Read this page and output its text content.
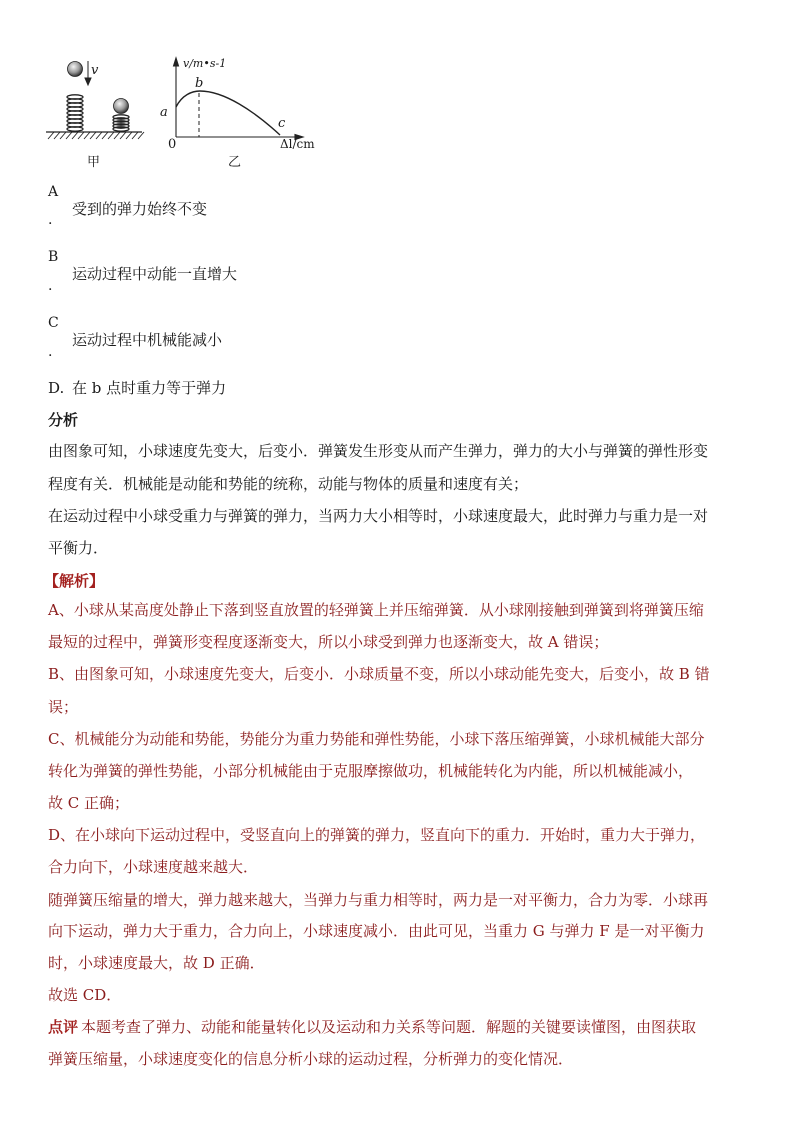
v	v/m•s-1
b
a
c
0	Δl/cm
甲	乙
A
受到的弹力始终不变
.
B
运动过程中动能一直增大
.
C
运动过程中机械能减小
.
D. 在 b 点时重力等于弹力
分析
由图象可知，小球速度先变大，后变小．弹簧发生形变从而产生弹力，弹力的大小与弹簧的弹性形变
程度有关．机械能是动能和势能的统称，动能与物体的质量和速度有关；
在运动过程中小球受重力与弹簧的弹力，当两力大小相等时，小球速度最大，此时弹力与重力是一对
平衡力．
【解析】
A、小球从某高度处静止下落到竖直放置的轻弹簧上并压缩弹簧．从小球刚接触到弹簧到将弹簧压缩
最短的过程中，弹簧形变程度逐渐变大，所以小球受到弹力也逐渐变大，故 A 错误；
B、由图象可知，小球速度先变大，后变小．小球质量不变，所以小球动能先变大，后变小，故 B 错
误；
C、机械能分为动能和势能，势能分为重力势能和弹性势能，小球下落压缩弹簧，小球机械能大部分
转化为弹簧的弹性势能，小部分机械能由于克服摩擦做功，机械能转化为内能，所以机械能减小，
故 C 正确；
D、在小球向下运动过程中，受竖直向上的弹簧的弹力，竖直向下的重力．开始时，重力大于弹力，
合力向下，小球速度越来越大．
随弹簧压缩量的增大，弹力越来越大，当弹力与重力相等时，两力是一对平衡力，合力为零．小球再
向下运动，弹力大于重力，合力向上，小球速度减小．由此可见，当重力 G 与弹力 F 是一对平衡力
时，小球速度最大，故 D 正确．
故选 CD．
点评 本题考查了弹力、动能和能量转化以及运动和力关系等问题．解题的关键要读懂图，由图获取
弹簧压缩量，小球速度变化的信息分析小球的运动过程，分析弹力的变化情况．
